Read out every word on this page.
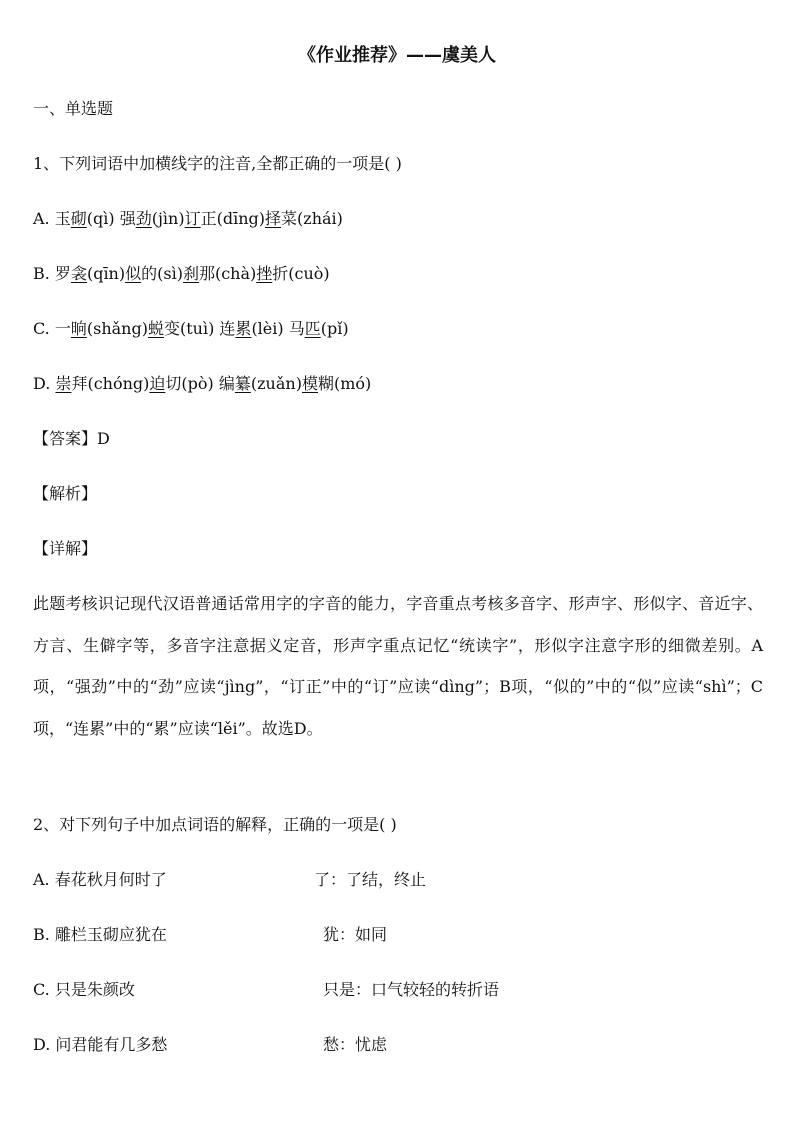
《作业推荐》——虞美人
一、单选题
1、下列词语中加横线字的注音,全都正确的一项是( )
A. 玉砌(qì) 强劲(jìn)订正(dīng)择菜(zhái)
B. 罗衾(qīn)似的(sì)刹那(chà)挫折(cuò)
C. 一晌(shǎng)蜕变(tuì) 连累(lèi) 马匹(pǐ)
D. 崇拜(chóng)迫切(pò) 编纂(zuǎn)模糊(mó)
【答案】D
【解析】
【详解】
此题考核识记现代汉语普通话常用字的字音的能力，字音重点考核多音字、形声字、形似字、音近字、方言、生僻字等，多音字注意据义定音，形声字重点记忆“统读字”，形似字注意字形的细微差别。A项，“强劲”中的“劲”应读“jìng”，“订正”中的“订”应读“dìng”；B项，“似的”中的“似”应读“shì”；C项，“连累”中的“累”应读“lěi”。故选D。
2、对下列句子中加点词语的解释，正确的一项是( )
A. 春花秋月何时了	了：了结，终止
B. 雕栏玉砌应犹在	犹：如同
C. 只是朱颜改	只是：口气较轻的转折语
D. 问君能有几多愁	愁：忧虑
